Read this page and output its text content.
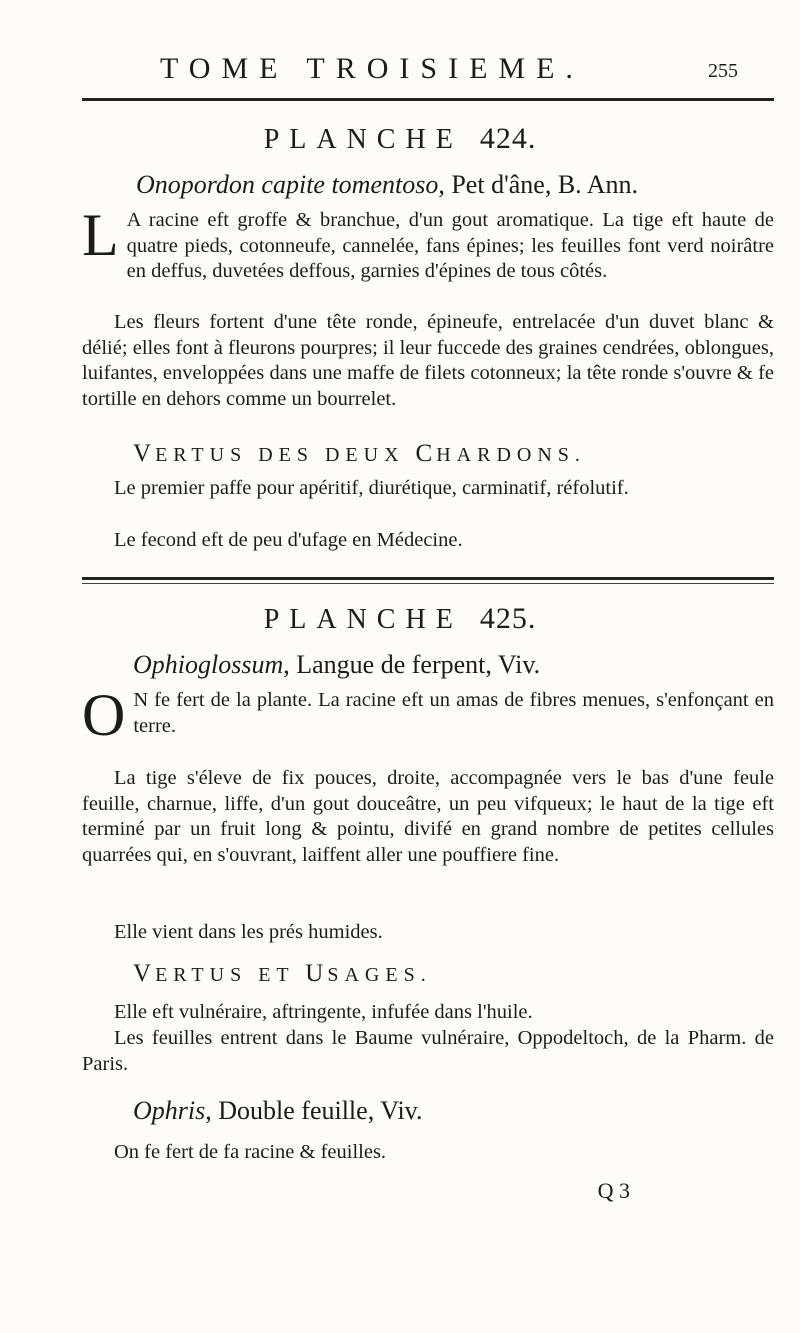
TOME TROISIEME.	255
PLANCHE 424.
Onopordon capite tomentoso, Pet d'âne, B. Ann.
L A racine eft groffe & branchue, d'un gout aromatique. La tige eft haute de quatre pieds, cotonneufe, cannelée, fans épines; les feuilles font verd noirâtre en deffus, duvetées deffous, garnies d'épines de tous côtés.
Les fleurs fortent d'une tête ronde, épineufe, entrelacée d'un duvet blanc & délié; elles font à fleurons pourpres; il leur fuccede des graines cendrées, oblongues, luifantes, enveloppées dans une maffe de filets cotonneux; la tête ronde s'ouvre & fe tortille en dehors comme un bourrelet.
VERTUS DES DEUX CHARDONS.
Le premier paffe pour apéritif, diurétique, carminatif, réfolutif.
Le fecond eft de peu d'ufage en Médecine.
PLANCHE 425.
Ophioglossum, Langue de ferpent, Viv.
O N fe fert de la plante. La racine eft un amas de fibres menues, s'enfonçant en terre.
La tige s'éleve de fix pouces, droite, accompagnée vers le bas d'une feule feuille, charnue, liffe, d'un gout douceâtre, un peu vifqueux; le haut de la tige eft terminé par un fruit long & pointu, divifé en grand nombre de petites cellules quarrées qui, en s'ouvrant, laiffent aller une pouffiere fine.
Elle vient dans les prés humides.
VERTUS ET USAGES.
Elle eft vulnéraire, aftringente, infufée dans l'huile.
Les feuilles entrent dans le Baume vulnéraire, Oppodeltoch, de la Pharm. de Paris.
Ophris, Double feuille, Viv.
On fe fert de fa racine & feuilles.
Q 3
